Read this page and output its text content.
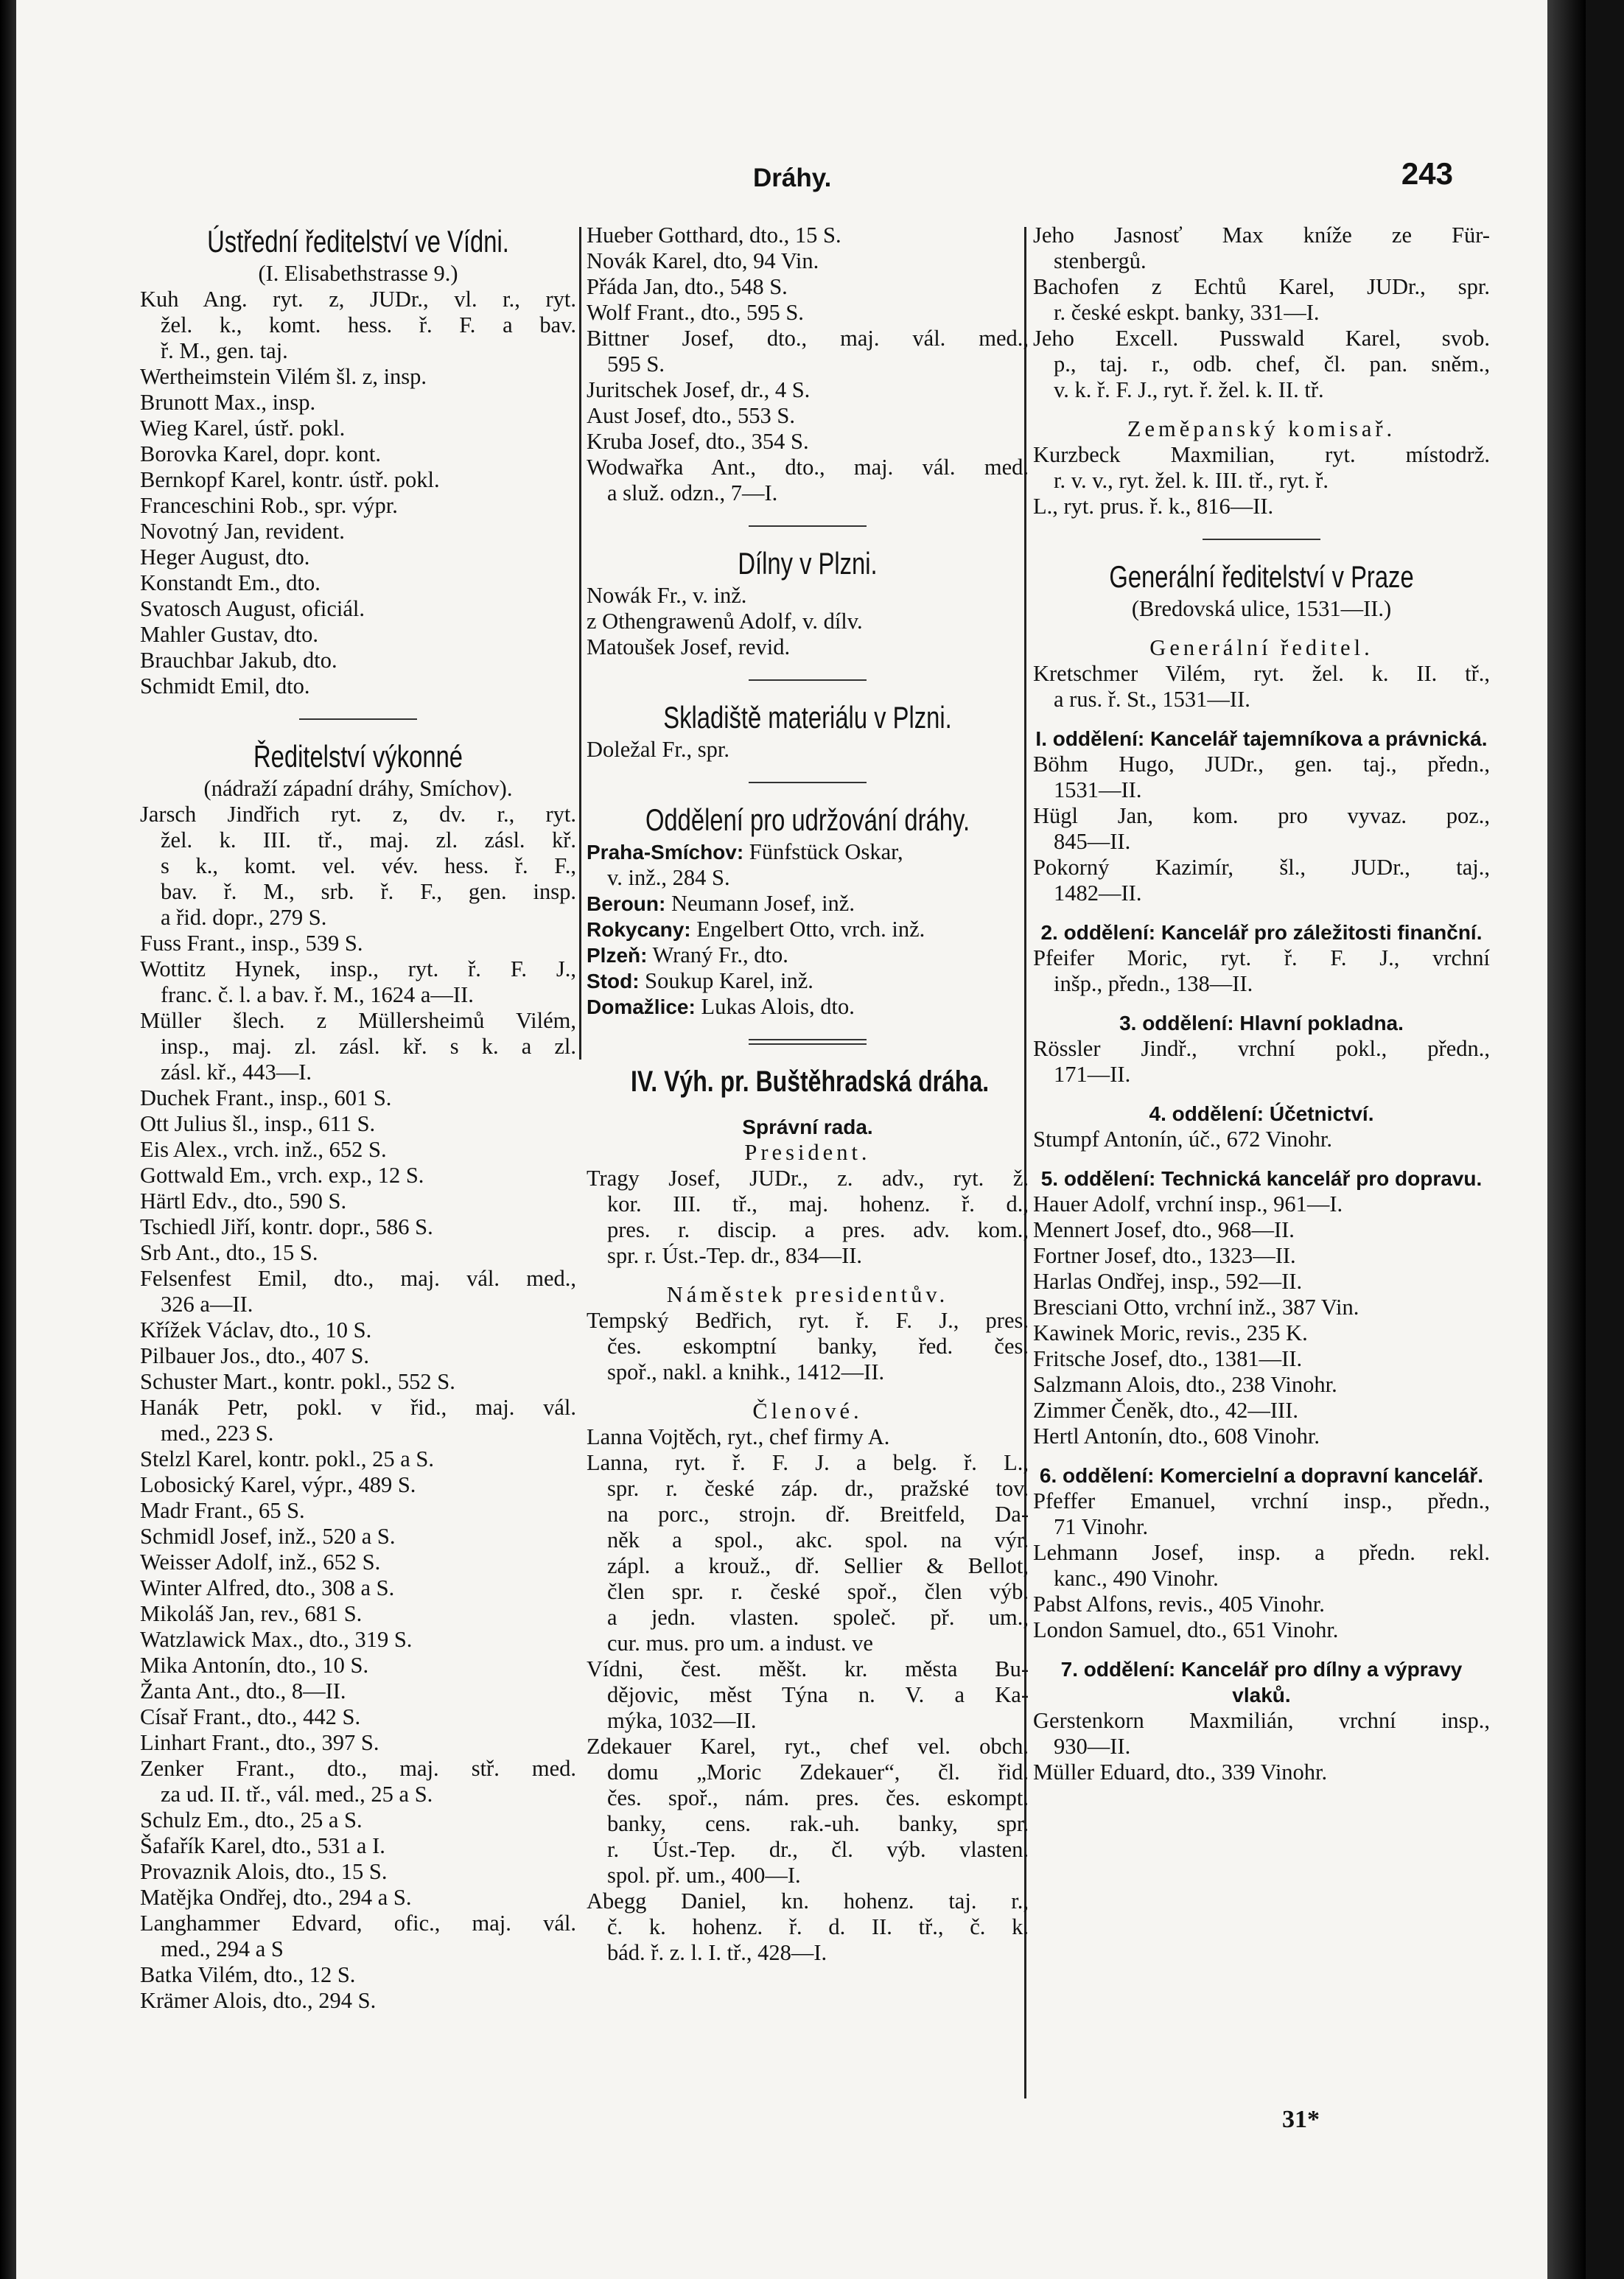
Dráhy.	243
Ústřední ředitelství ve Vídni.
(I. Elisabethstrasse 9.)
Kuh Ang. ryt. z, JUDr., vl. r., ryt.
žel. k., komt. hess. ř. F. a bav.
ř. M., gen. taj.
Wertheimstein Vilém šl. z, insp.
Brunott Max., insp.
Wieg Karel, ústř. pokl.
Borovka Karel, dopr. kont.
Bernkopf Karel, kontr. ústř. pokl.
Franceschini Rob., spr. výpr.
Novotný Jan, revident.
Heger August, dto.
Konstandt Em., dto.
Svatosch August, oficiál.
Mahler Gustav, dto.
Brauchbar Jakub, dto.
Schmidt Emil, dto.
Ředitelství výkonné
(nádraží západní dráhy, Smíchov).
Jarsch Jindřich ryt. z, dv. r., ryt.
žel. k. III. tř., maj. zl. zásl. kř.
s k., komt. vel. vév. hess. ř. F.,
bav. ř. M., srb. ř. F., gen. insp.
a řid. dopr., 279 S.
Fuss Frant., insp., 539 S.
Wottitz Hynek, insp., ryt. ř. F. J.,
franc. č. l. a bav. ř. M., 1624 a—II.
Müller šlech. z Müllersheimů Vilém,
insp., maj. zl. zásl. kř. s k. a zl.
zásl. kř., 443—I.
Duchek Frant., insp., 601 S.
Ott Julius šl., insp., 611 S.
Eis Alex., vrch. inž., 652 S.
Gottwald Em., vrch. exp., 12 S.
Härtl Edv., dto., 590 S.
Tschiedl Jiří, kontr. dopr., 586 S.
Srb Ant., dto., 15 S.
Felsenfest Emil, dto., maj. vál. med.,
326 a—II.
Křížek Václav, dto., 10 S.
Pilbauer Jos., dto., 407 S.
Schuster Mart., kontr. pokl., 552 S.
Hanák Petr, pokl. v řid., maj. vál.
med., 223 S.
Stelzl Karel, kontr. pokl., 25 a S.
Lobosický Karel, výpr., 489 S.
Madr Frant., 65 S.
Schmidl Josef, inž., 520 a S.
Weisser Adolf, inž., 652 S.
Winter Alfred, dto., 308 a S.
Mikoláš Jan, rev., 681 S.
Watzlawick Max., dto., 319 S.
Mika Antonín, dto., 10 S.
Žanta Ant., dto., 8—II.
Císař Frant., dto., 442 S.
Linhart Frant., dto., 397 S.
Zenker Frant., dto., maj. stř. med.
za ud. II. tř., vál. med., 25 a S.
Schulz Em., dto., 25 a S.
Šafařík Karel, dto., 531 a I.
Provaznik Alois, dto., 15 S.
Matějka Ondřej, dto., 294 a S.
Langhammer Edvard, ofic., maj. vál.
med., 294 a S
Batka Vilém, dto., 12 S.
Krämer Alois, dto., 294 S.
Hueber Gotthard, dto., 15 S.
Novák Karel, dto, 94 Vin.
Přáda Jan, dto., 548 S.
Wolf Frant., dto., 595 S.
Bittner Josef, dto., maj. vál. med.,
595 S.
Juritschek Josef, dr., 4 S.
Aust Josef, dto., 553 S.
Kruba Josef, dto., 354 S.
Wodwařka Ant., dto., maj. vál. med.
a služ. odzn., 7—I.
Dílny v Plzni.
Nowák Fr., v. inž.
z Othengrawenů Adolf, v. dílv.
Matoušek Josef, revid.
Skladiště materiálu v Plzni.
Doležal Fr., spr.
Oddělení pro udržování dráhy.
Praha-Smíchov: Fünfstück Oskar,
v. inž., 284 S.
Beroun: Neumann Josef, inž.
Rokycany: Engelbert Otto, vrch. inž.
Plzeň: Wraný Fr., dto.
Stod: Soukup Karel, inž.
Domažlice: Lukas Alois, dto.
IV. Výh. pr. Buštěhradská dráha.
Správní rada.
President.
Tragy Josef, JUDr., z. adv., ryt. ž.
kor. III. tř., maj. hohenz. ř. d.,
pres. r. discip. a pres. adv. kom.,
spr. r. Úst.-Tep. dr., 834—II.
Náměstek presidentův.
Tempský Bedřich, ryt. ř. F. J., pres.
čes. eskomptní banky, řed. čes.
spoř., nakl. a knihk., 1412—II.
Členové.
Lanna Vojtěch, ryt., chef firmy A.
Lanna, ryt. ř. F. J. a belg. ř. L.,
spr. r. české záp. dr., pražské tov.
na porc., strojn. dř. Breitfeld, Da-
něk a spol., akc. spol. na výr.
zápl. a krouž., dř. Sellier & Bellot,
člen spr. r. české spoř., člen výb.
a jedn. vlasten. společ. př. um.,
cur. mus. pro um. a indust. ve
Vídni, čest. měšt. kr. města Bu-
dějovic, měst Týna n. V. a Ka-
mýka, 1032—II.
Zdekauer Karel, ryt., chef vel. obch.
domu „Moric Zdekauer“, čl. řid.
čes. spoř., nám. pres. čes. eskompt.
banky, cens. rak.-uh. banky, spr.
r. Úst.-Tep. dr., čl. výb. vlasten.
spol. př. um., 400—I.
Abegg Daniel, kn. hohenz. taj. r.,
č. k. hohenz. ř. d. II. tř., č. k.
bád. ř. z. l. I. tř., 428—I.
Jeho Jasnosť Max kníže ze Für-
stenbergů.
Bachofen z Echtů Karel, JUDr., spr.
r. české eskpt. banky, 331—I.
Jeho Excell. Pusswald Karel, svob.
p., taj. r., odb. chef, čl. pan. sněm.,
v. k. ř. F. J., ryt. ř. žel. k. II. tř.
Zeměpanský komisař.
Kurzbeck Maxmilian, ryt. místodrž.
r. v. v., ryt. žel. k. III. tř., ryt. ř.
L., ryt. prus. ř. k., 816—II.
Generální ředitelství v Praze
(Bredovská ulice, 1531—II.)
Generální ředitel.
Kretschmer Vilém, ryt. žel. k. II. tř.,
a rus. ř. St., 1531—II.
I. oddělení: Kancelář tajemníkova a právnická.
Böhm Hugo, JUDr., gen. taj., předn.,
1531—II.
Hügl Jan, kom. pro vyvaz. poz.,
845—II.
Pokorný Kazimír, šl., JUDr., taj.,
1482—II.
2. oddělení: Kancelář pro záležitosti finanční.
Pfeifer Moric, ryt. ř. F. J., vrchní
inšp., předn., 138—II.
3. oddělení: Hlavní pokladna.
Rössler Jindř., vrchní pokl., předn.,
171—II.
4. oddělení: Účetnictví.
Stumpf Antonín, úč., 672 Vinohr.
5. oddělení: Technická kancelář pro dopravu.
Hauer Adolf, vrchní insp., 961—I.
Mennert Josef, dto., 968—II.
Fortner Josef, dto., 1323—II.
Harlas Ondřej, insp., 592—II.
Bresciani Otto, vrchní inž., 387 Vin.
Kawinek Moric, revis., 235 K.
Fritsche Josef, dto., 1381—II.
Salzmann Alois, dto., 238 Vinohr.
Zimmer Čeněk, dto., 42—III.
Hertl Antonín, dto., 608 Vinohr.
6. oddělení: Komercielní a dopravní kancelář.
Pfeffer Emanuel, vrchní insp., předn.,
71 Vinohr.
Lehmann Josef, insp. a předn. rekl.
kanc., 490 Vinohr.
Pabst Alfons, revis., 405 Vinohr.
London Samuel, dto., 651 Vinohr.
7. oddělení: Kancelář pro dílny a výpravy vlaků.
Gerstenkorn Maxmilián, vrchní insp.,
930—II.
Müller Eduard, dto., 339 Vinohr.
31*
